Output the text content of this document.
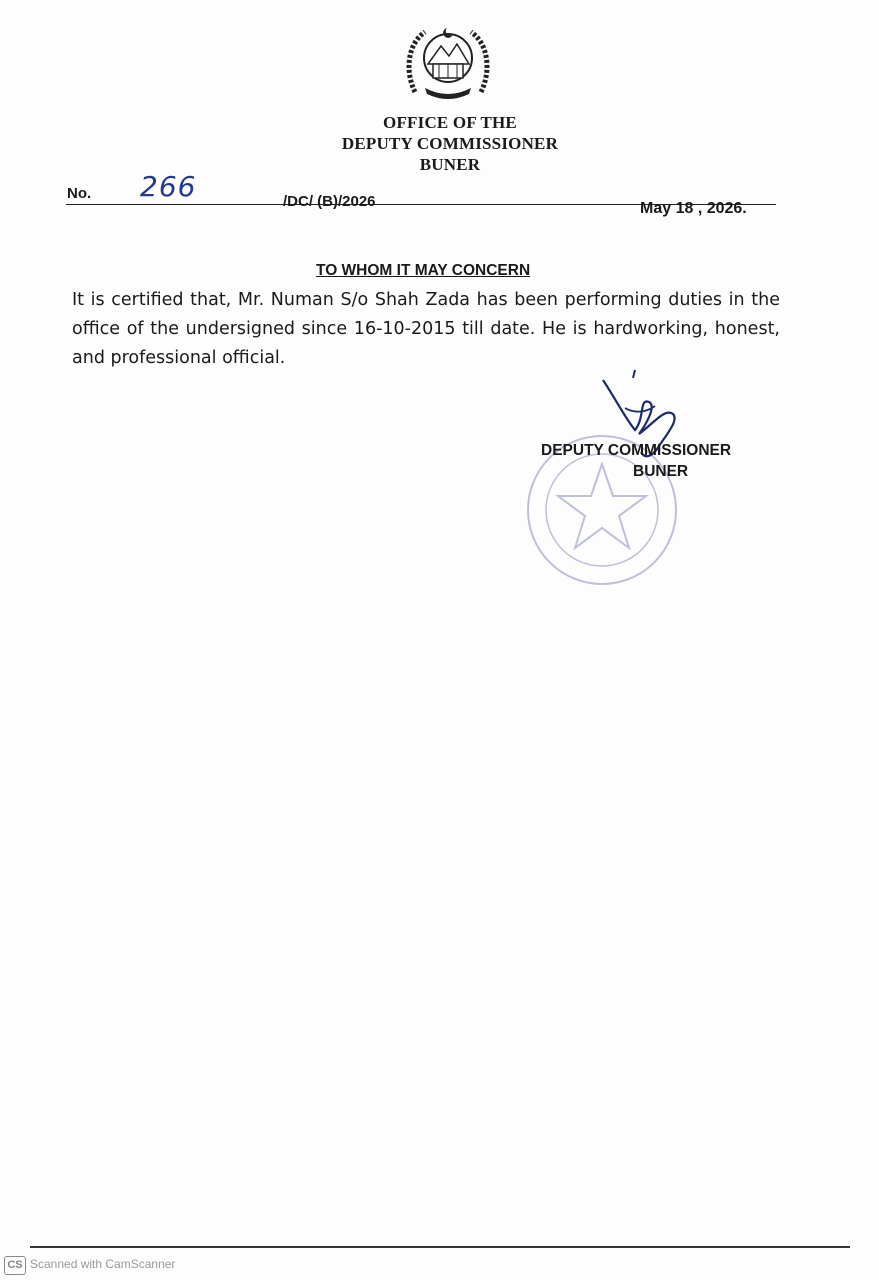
OFFICE OF THE
DEPUTY COMMISSIONER
BUNER
No. 266	/DC/ (B)/2026	May 18 , 2026.
TO WHOM IT MAY CONCERN
It is certified that, Mr. Numan S/o Shah Zada has been performing duties in the office of the undersigned since 16-10-2015 till date. He is hardworking, honest, and professional official.
DEPUTY COMMISSIONER
BUNER
CS Scanned with CamScanner
